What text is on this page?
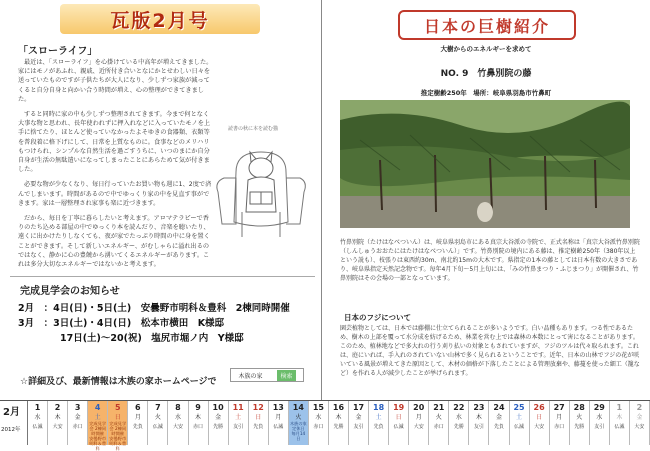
瓦版2月号
「スローライフ」

最近は、「スローライフ」を心掛けている中高年が増えてきました。家にはモノがあふれ、親戚、近所付き合いとなにかとせわしい日々を送っていたものですが子供たちが大人になり、少しずつ家族が減ってくると自分自身と向かい合う時間が増え、心の整理ができてきました。

すると同時に家の中も少しずつ整理されてきます。今まで何となく大事な物と思われ、長年使われずに押入れなどに入っていたモノを上手に捨てたり、ほとんど使っていなかったよそゆきの食器類、衣類等を普段着に格下げにして、日常を上質なものに。食事などのメリハリもつけられ、シンプルな自然生活を過ごすうちに、いつのまにか自分自身が生活の無駄遣いになってしまったことにあらためて気が付きました。

必要な物が少なくなり、毎日行っていたお買い物も週に1、2度で済んでしまいます。時間があるので中でゆっくり家の中を見直す事ができます。家は一層整理され家事も楽に近づきます。

だから、毎日を丁寧に暮らしたいと考えます。アロマテラピーで香りのたち込める部屋の中でゆっくり本を読んだり、音楽を聴いたり、遠くに出かけたりしなくても、夜が家でたっぷり時間の中に身を置くことができます。そして新しいエネルギー、がむしゃらに溢れ出るのではなく、静かに心の豊饒から湧いてくるエネルギーがあります。これは多分大切なエネルギーではないかと考えます。

読書の秋に本を読む猫
完成見学会のお知らせ
2月　：4日(日)・5日(土)　安曇野市明科＆豊科　2棟同時開催
3月　：3日(土)・4日(日)　松本市横田　K様邸
17日(土)～20(祝)　塩尻市堀ノ内　Y様邸
☆詳細及び、最新情報は木族の家ホームページで
木族の家	検索
日本の巨樹紹介
大樹からのエネルギーを求めて
NO. 9　竹鼻別院の藤
推定樹齢250年　場所：岐阜県羽島市竹鼻町
竹鼻別院（たけはなべついん）は、岐阜県羽島市にある真宗大谷派の寺院で、正式名称は「真宗大谷派竹鼻別院（しんしゅうおおたにはたけはなべついん）」です。竹鼻別院の境内にある藤は、推定樹齢250年（380年以上という説も）、枝張りは東西約30m、南北約15mの大木です。県指定の1本の藤としては日本有数の大きさであり、岐阜県指定天然記念物です。毎年4月下旬～5月上旬には、「みの竹鼻まつり・ふじまつり」が開催され、竹鼻別院はその会場の一部となっています。
日本のフジについて
園芸植物としては、日本では藤棚に仕立てられることが多いようです。白い品種もあります。つる性であるため、樹木の上部を覆って水分成を妨げるため、林業を営む上では森林の本数にとって害になることがあります。このため、植林地などで多大れの行う刈り払いの対象ともされていますが、フジのツルは代々取られます。これは、庭にいれば、手入れのされていない山林で多く見られるということです。近年、日本の山林でフジの花が咲いている風景が増えてきた原因として、木材の価格が下落したことによる管理放棄や、藤蔓を使った細工（籠など）を作れる人が減少したことが挙げられます。
2月
2012年
1
水
仏滅
2
木
大安
3
金
赤口
4
土
完成見学会 2棟同時開催 安曇野市 明科＆豊科
5
日
完成見学会 2棟同時開催 安曇野市 明科＆豊科
6
月
先負
7
火
仏滅
8
水
大安
9
木
赤口
10
金
先勝
11
土
友引
12
日
先負
13
月
仏滅
14
火
木族の家 定休日 毎月14日
15
水
赤口
16
木
先勝
17
金
友引
18
土
先負
19
日
仏滅
20
月
大安
21
火
赤口
22
水
先勝
23
木
友引
24
金
先負
25
土
仏滅
26
日
大安
27
月
赤口
28
火
先勝
29
水
友引
1
木
仏滅
2
金
大安
